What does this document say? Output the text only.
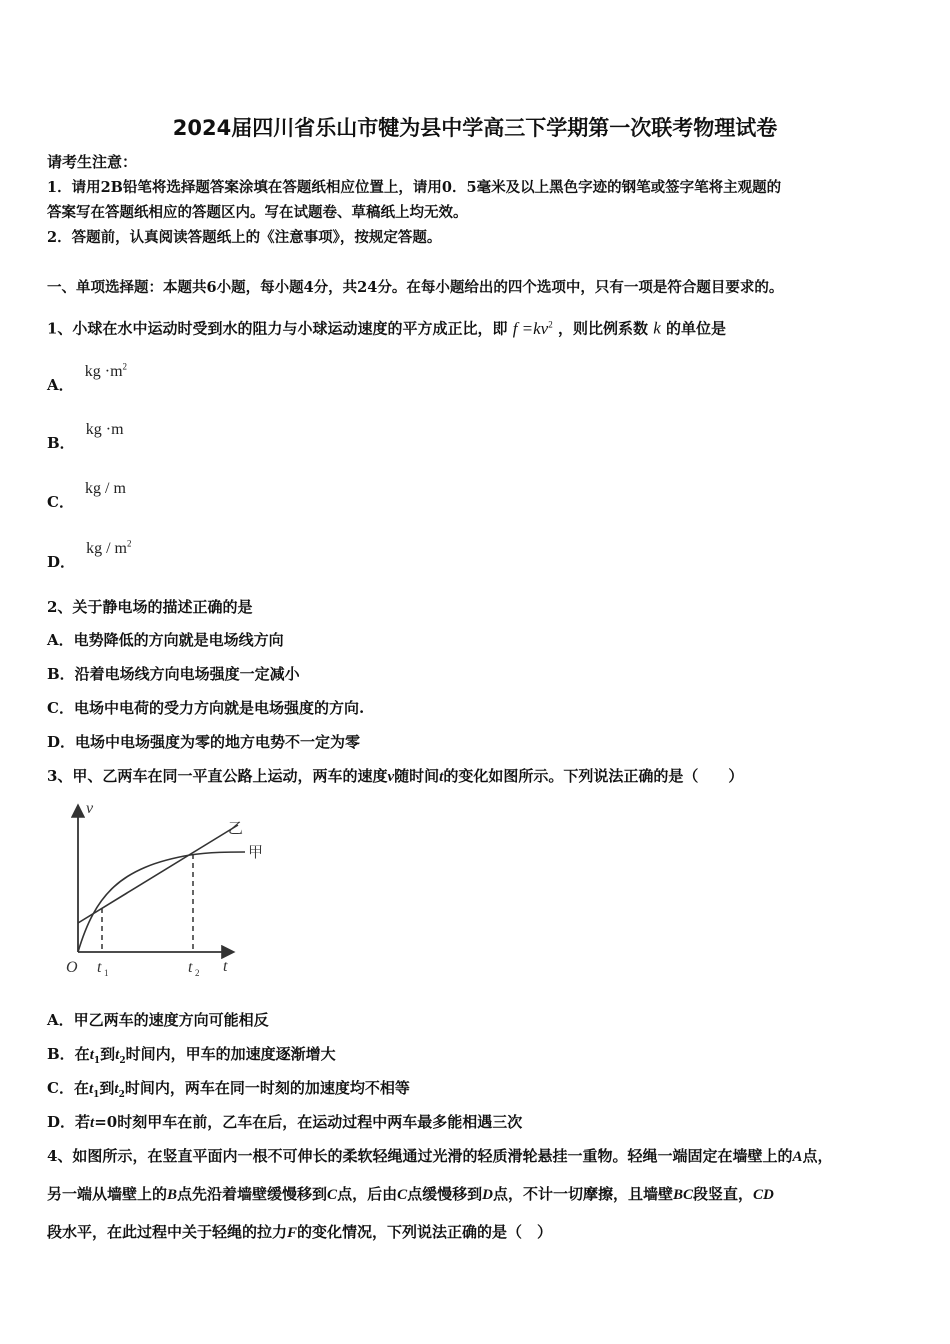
2024届四川省乐山市犍为县中学高三下学期第一次联考物理试卷
请考生注意：
1．请用2B铅笔将选择题答案涂填在答题纸相应位置上，请用0．5毫米及以上黑色字迹的钢笔或签字笔将主观题的
答案写在答题纸相应的答题区内。写在试题卷、草稿纸上均无效。
2．答题前，认真阅读答题纸上的《注意事项》，按规定答题。
一、单项选择题：本题共6小题，每小题4分，共24分。在每小题给出的四个选项中，只有一项是符合题目要求的。
1、小球在水中运动时受到水的阻力与小球运动速度的平方成正比，即 $f =kv^2$ ，则比例系数 k 的单位是
A． kg $\cdot m^2$
B． kg ·m
C． kg / m
D． kg / $m^2$
2、关于静电场的描述正确的是
A．电势降低的方向就是电场线方向
B．沿着电场线方向电场强度一定减小
C．电场中电荷的受力方向就是电场强度的方向.
D．电场中电场强度为零的地方电势不一定为零
3、甲、乙两车在同一平直公路上运动，两车的速度v随时间t的变化如图所示。下列说法正确的是（　　）
v
t
O t 1	t 2
乙
甲
A．甲乙两车的速度方向可能相反
B．在$t_1$到$t_2$时间内，甲车的加速度逐渐增大
C．在$t_1$到$t_2$时间内，两车在同一时刻的加速度均不相等
D．若t=0时刻甲车在前，乙车在后，在运动过程中两车最多能相遇三次
4、如图所示，在竖直平面内一根不可伸长的柔软轻绳通过光滑的轻质滑轮悬挂一重物。轻绳一端固定在墙壁上的A点，
另一端从墙壁上的B点先沿着墙壁缓慢移到C点，后由C点缓慢移到D点，不计一切摩擦，且墙壁BC段竖直，CD
段水平，在此过程中关于轻绳的拉力F的变化情况，下列说法正确的是（　）
